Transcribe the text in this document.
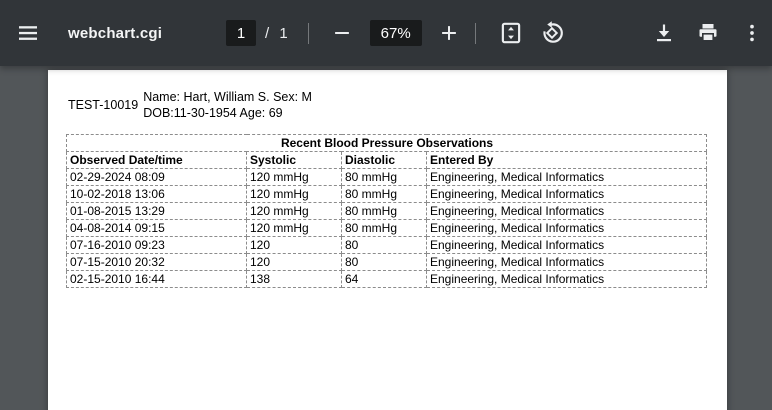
webchart.cgi
1	/ 1
67%
TEST-10019
Name: Hart, William S. Sex: M
DOB:11-30-1954 Age: 69
Recent Blood Pressure Observations			
Observed Date/time	Systolic	Diastolic	Entered By
02-29-2024 08:09	120 mmHg	80 mmHg	Engineering, Medical Informatics
10-02-2018 13:06	120 mmHg	80 mmHg	Engineering, Medical Informatics
01-08-2015 13:29	120 mmHg	80 mmHg	Engineering, Medical Informatics
04-08-2014 09:15	120 mmHg	80 mmHg	Engineering, Medical Informatics
07-16-2010 09:23	120	80	Engineering, Medical Informatics
07-15-2010 20:32	120	80	Engineering, Medical Informatics
02-15-2010 16:44	138	64	Engineering, Medical Informatics
